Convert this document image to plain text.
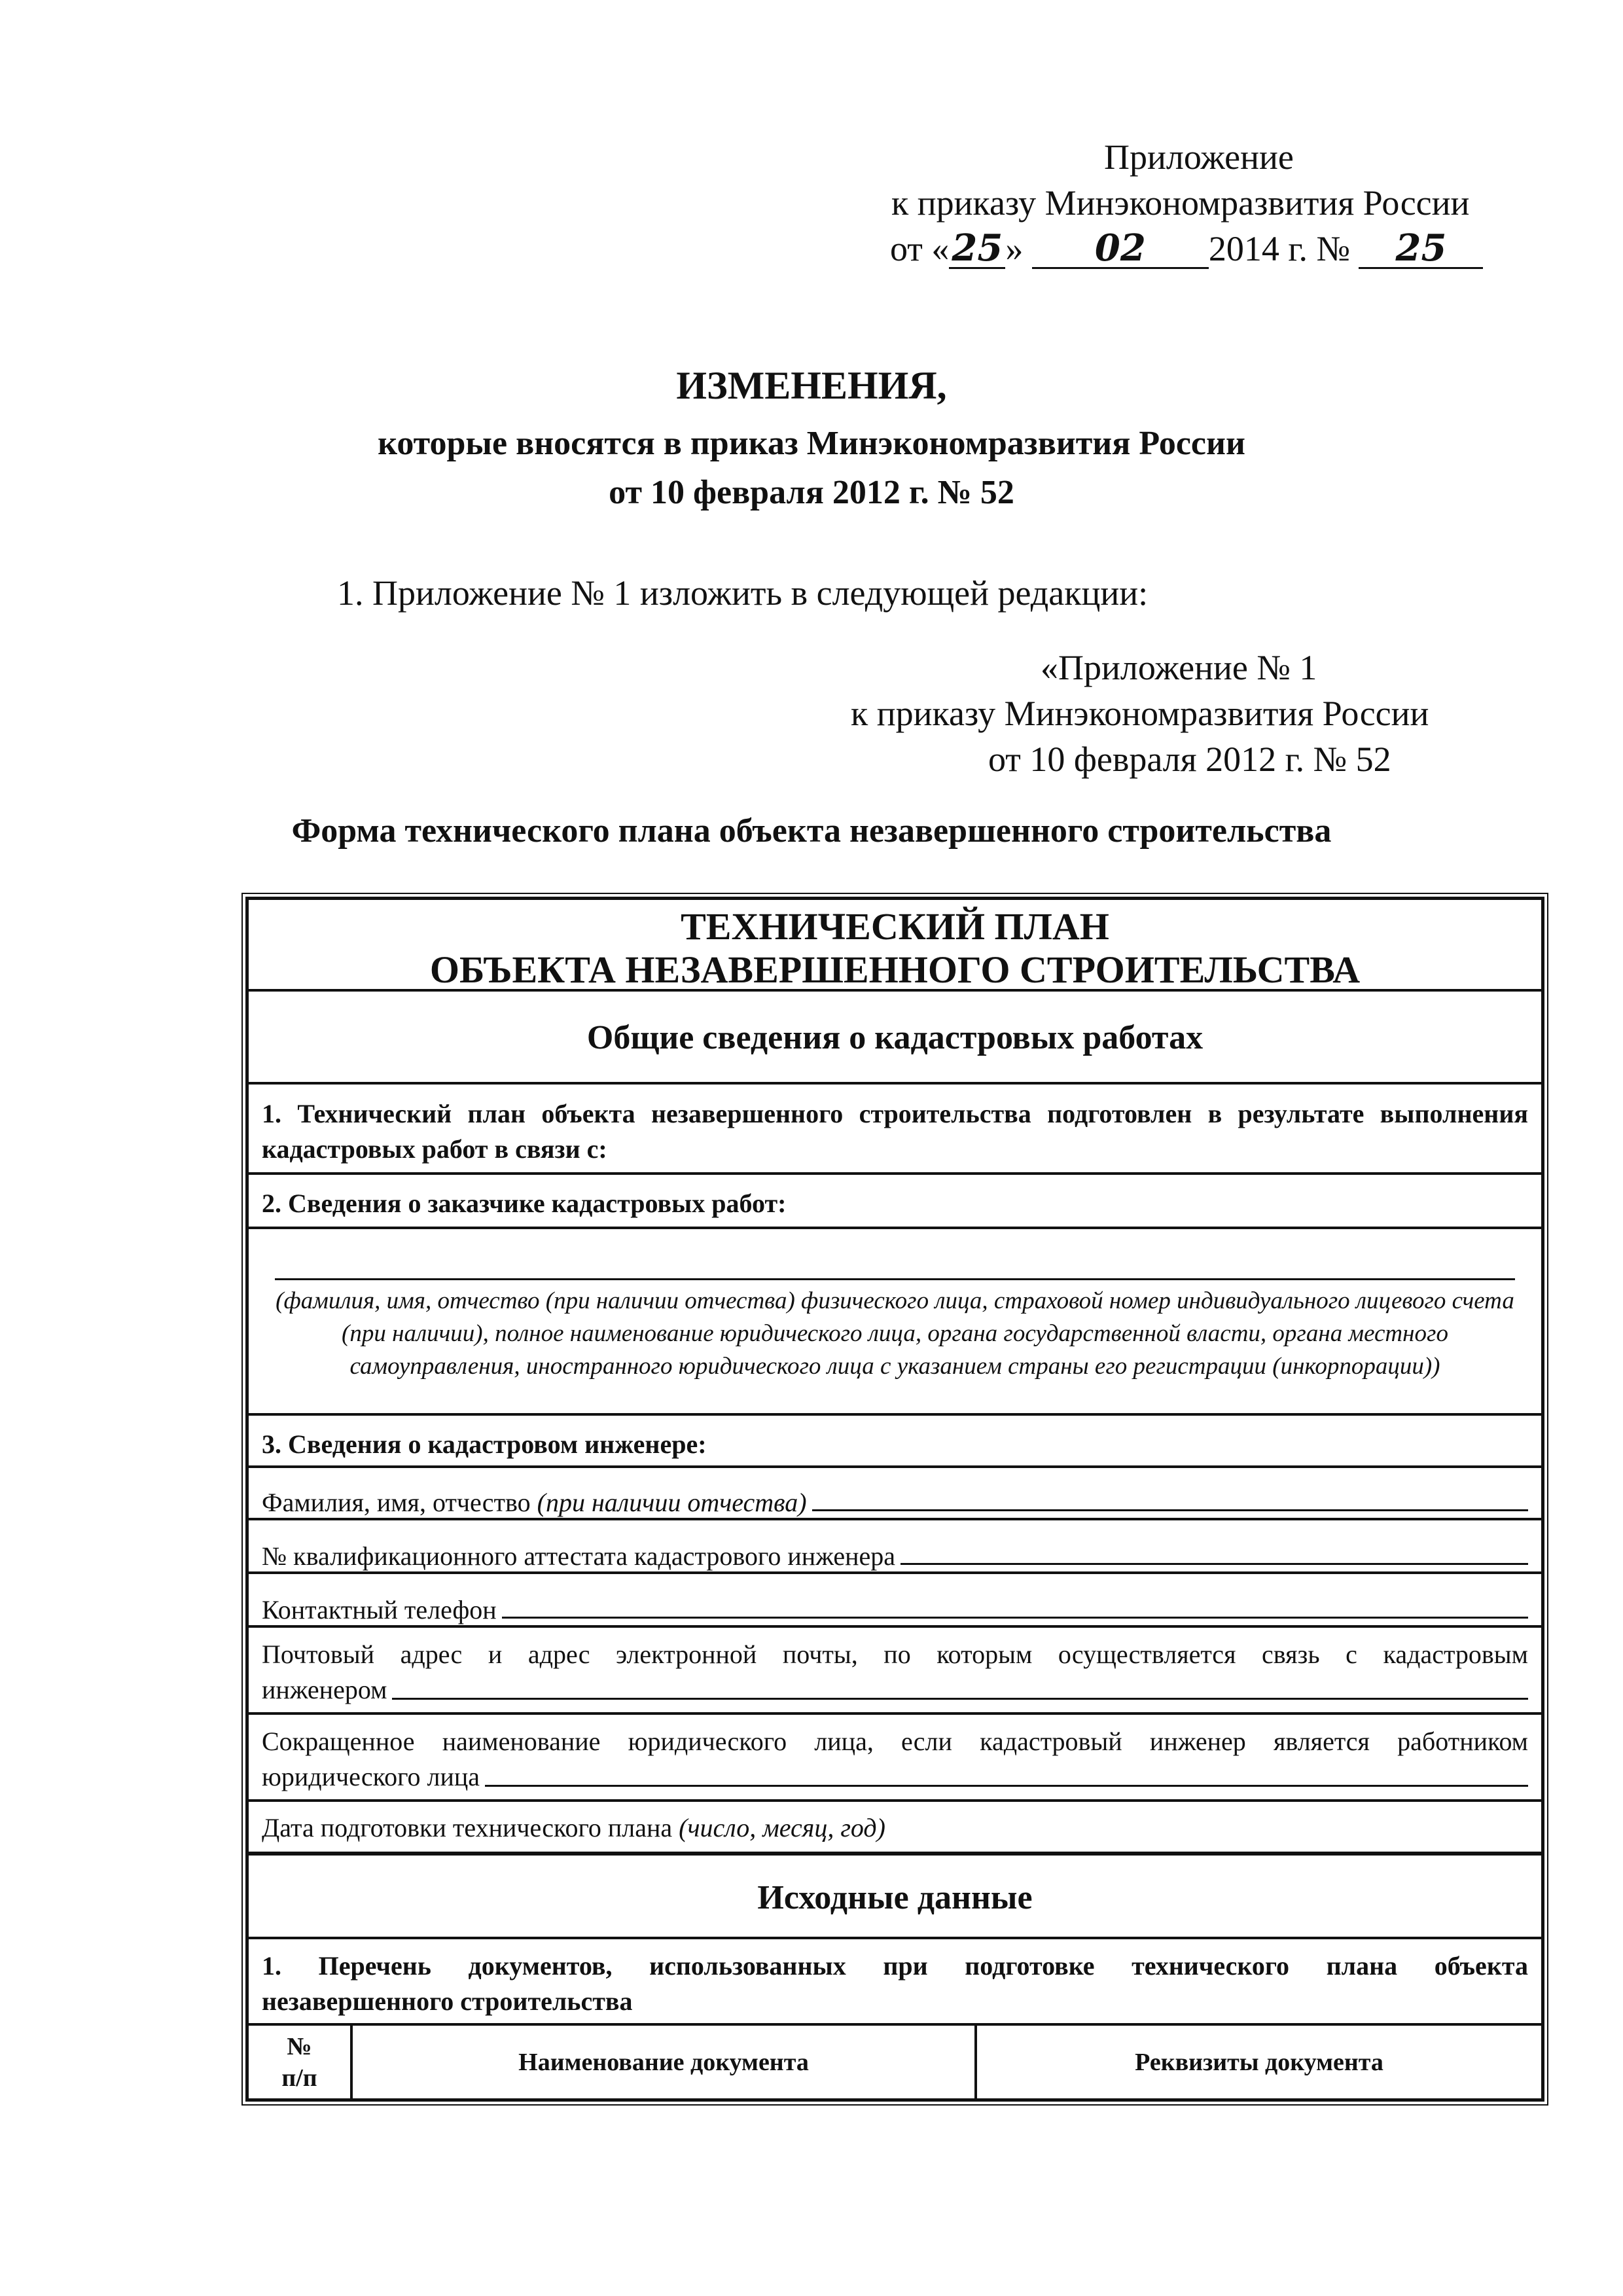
Приложение
к приказу Минэкономразвития России
от «25» 02 2014 г. № 25
ИЗМЕНЕНИЯ,
которые вносятся в приказ Минэкономразвития России
от 10 февраля 2012 г. № 52
1. Приложение № 1 изложить в следующей редакции:
«Приложение № 1
к приказу Минэкономразвития России
от 10 февраля 2012 г. № 52
Форма технического плана объекта незавершенного строительства
ТЕХНИЧЕСКИЙ ПЛАН
ОБЪЕКТА НЕЗАВЕРШЕННОГО СТРОИТЕЛЬСТВА
Общие сведения о кадастровых работах
1. Технический план объекта незавершенного строительства подготовлен в результате выполнения кадастровых работ в связи с:
2. Сведения о заказчике кадастровых работ:
(фамилия, имя, отчество (при наличии отчества) физического лица, страховой номер индивидуального лицевого счета (при наличии), полное наименование юридического лица, органа государственной власти, органа местного самоуправления, иностранного юридического лица с указанием страны его регистрации (инкорпорации))
3. Сведения о кадастровом инженере:
Фамилия, имя, отчество (при наличии отчества)
№ квалификационного аттестата кадастрового инженера
Контактный телефон
Почтовый адрес и адрес электронной почты, по которым осуществляется связь с кадастровым
инженером
Сокращенное наименование юридического лица, если кадастровый инженер является работником
юридического лица
Дата подготовки технического плана (число, месяц, год)
Исходные данные
1. Перечень документов, использованных при подготовке технического плана объекта
незавершенного строительства
№
п/п
Наименование документа	Реквизиты документа
